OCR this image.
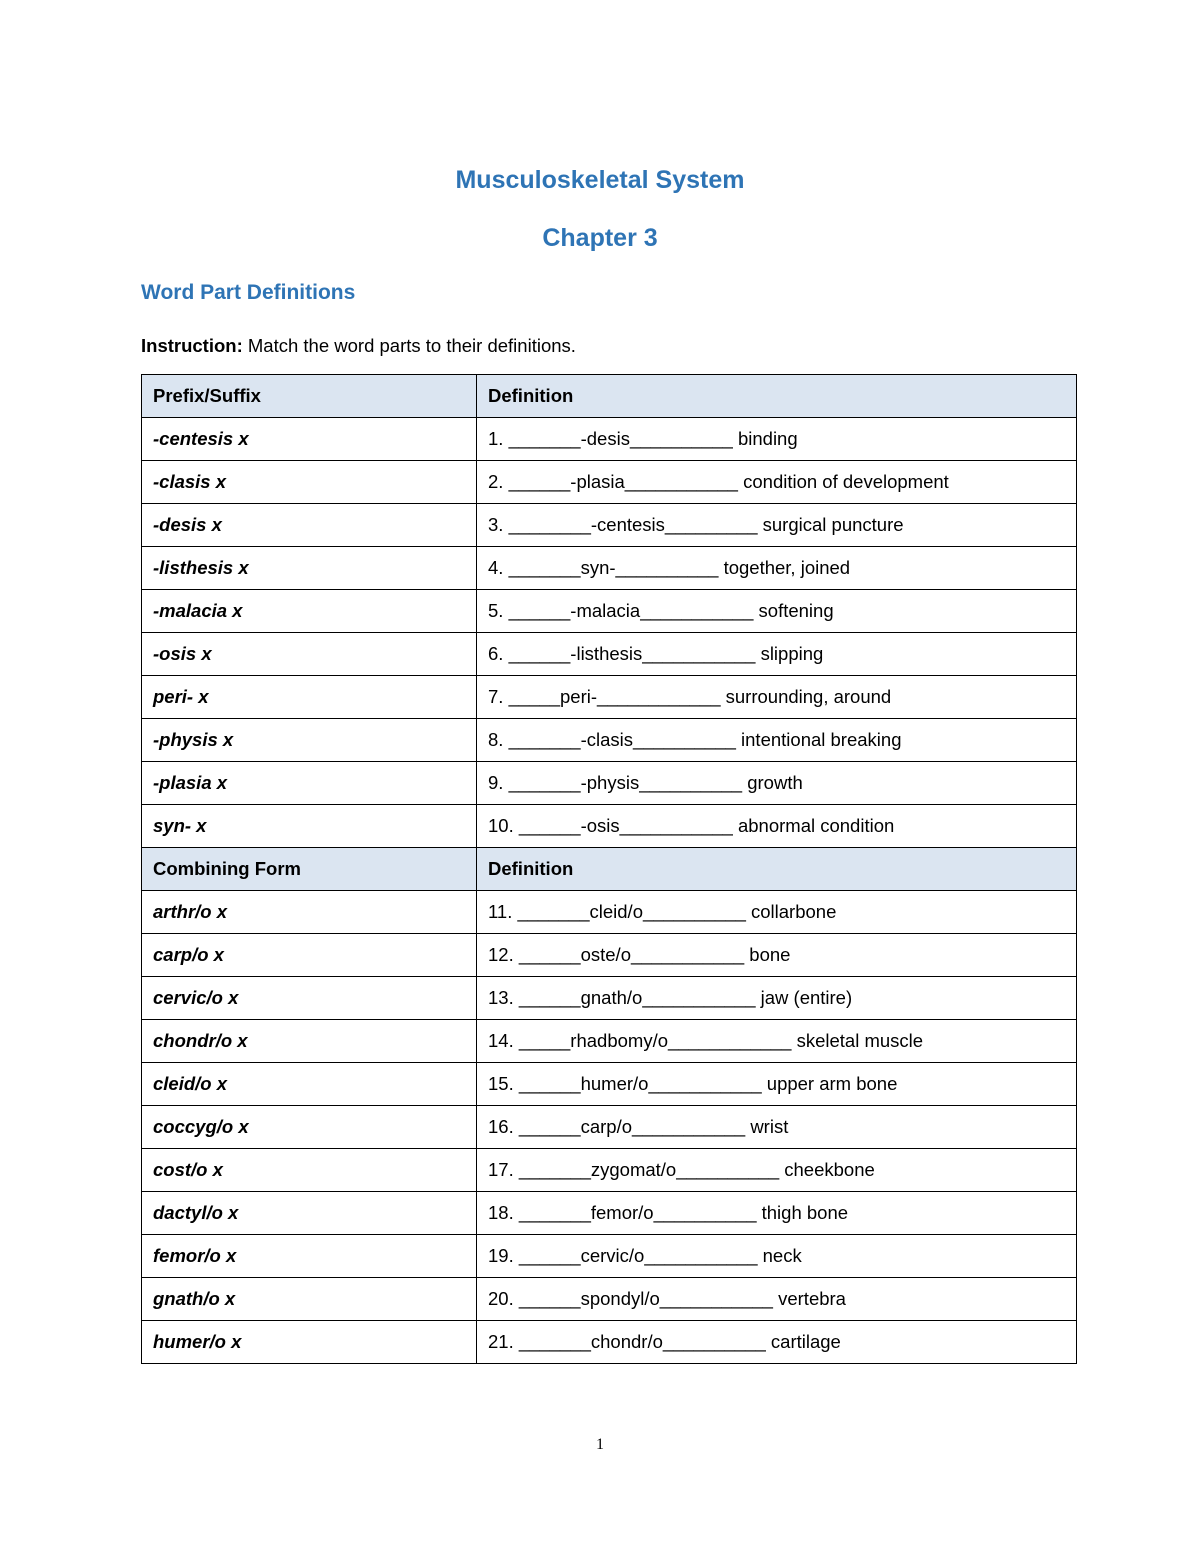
Musculoskeletal System
Chapter 3
Word Part Definitions
Instruction: Match the word parts to their definitions.
Prefix/Suffix	Definition
-centesis x	1. _______-desis__________ binding
-clasis x	2. ______-plasia___________ condition of development
-desis x	3. ________-centesis_________ surgical puncture
-listhesis x	4. _______syn-__________ together, joined
-malacia x	5. ______-malacia___________ softening
-osis x	6. ______-listhesis___________ slipping
peri- x	7. _____peri-____________ surrounding, around
-physis x	8. _______-clasis__________ intentional breaking
-plasia x	9. _______-physis__________ growth
syn- x	10. ______-osis___________ abnormal condition
Combining Form	Definition
arthr/o x	11. _______cleid/o__________ collarbone
carp/o x	12. ______oste/o___________ bone
cervic/o x	13. ______gnath/o___________ jaw (entire)
chondr/o x	14. _____rhadbomy/o____________ skeletal muscle
cleid/o x	15. ______humer/o___________ upper arm bone
coccyg/o x	16. ______carp/o___________ wrist
cost/o x	17. _______zygomat/o__________ cheekbone
dactyl/o x	18. _______femor/o__________ thigh bone
femor/o x	19. ______cervic/o___________ neck
gnath/o x	20. ______spondyl/o___________ vertebra
humer/o x	21. _______chondr/o__________ cartilage
1
